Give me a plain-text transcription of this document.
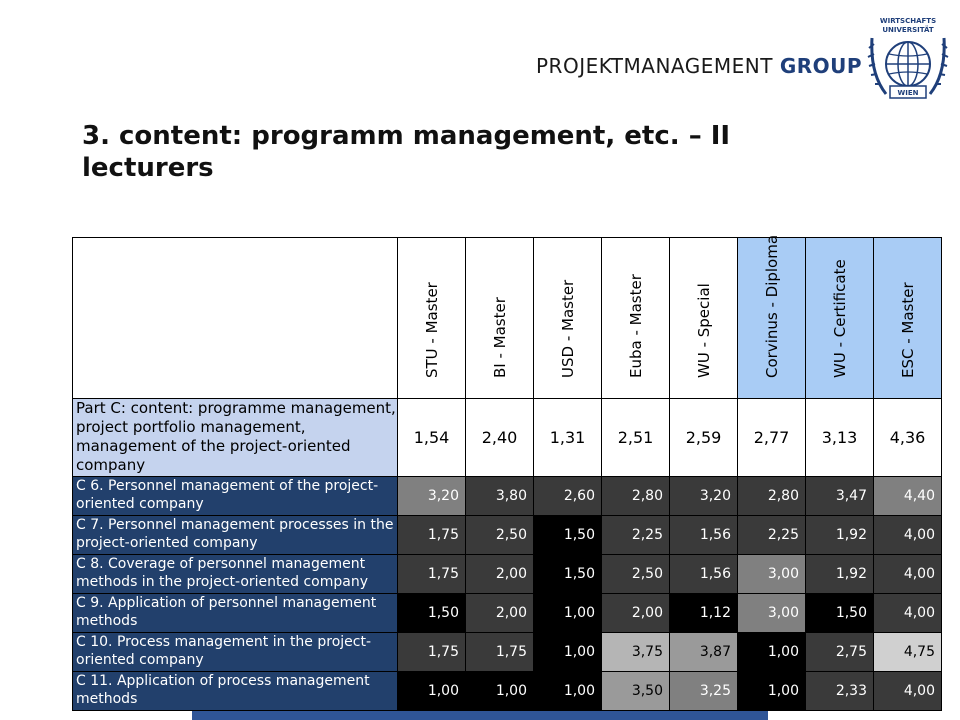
PROJEKTMANAGEMENT GROUP
WIRTSCHAFTS
UNIVERSITÄT
WIEN
3. content: programm management, etc. – II
lecturers

	STU - Master	BI - Master	USD - Master	Euba - Master	WU - Special	Corvinus - Diploma	WU - Certificate	ESC - Master

Part C: content: programme management, project portfolio management, management of the project-oriented company	1,54	2,40	1,31	2,51	2,59	2,77	3,13	4,36

C 6. Personnel management of the project-oriented company	3,20	3,80	2,60	2,80	3,20	2,80	3,47	4,40

C 7. Personnel management processes in the project-oriented company	1,75	2,50	1,50	2,25	1,56	2,25	1,92	4,00

C 8. Coverage of personnel management methods in the project-oriented company	1,75	2,00	1,50	2,50	1,56	3,00	1,92	4,00

C 9. Application of personnel management methods	1,50	2,00	1,00	2,00	1,12	3,00	1,50	4,00

C 10. Process management in the project-oriented company	1,75	1,75	1,00	3,75	3,87	1,00	2,75	4,75

C 11. Application of process management methods	1,00	1,00	1,00	3,50	3,25	1,00	2,33	4,00
